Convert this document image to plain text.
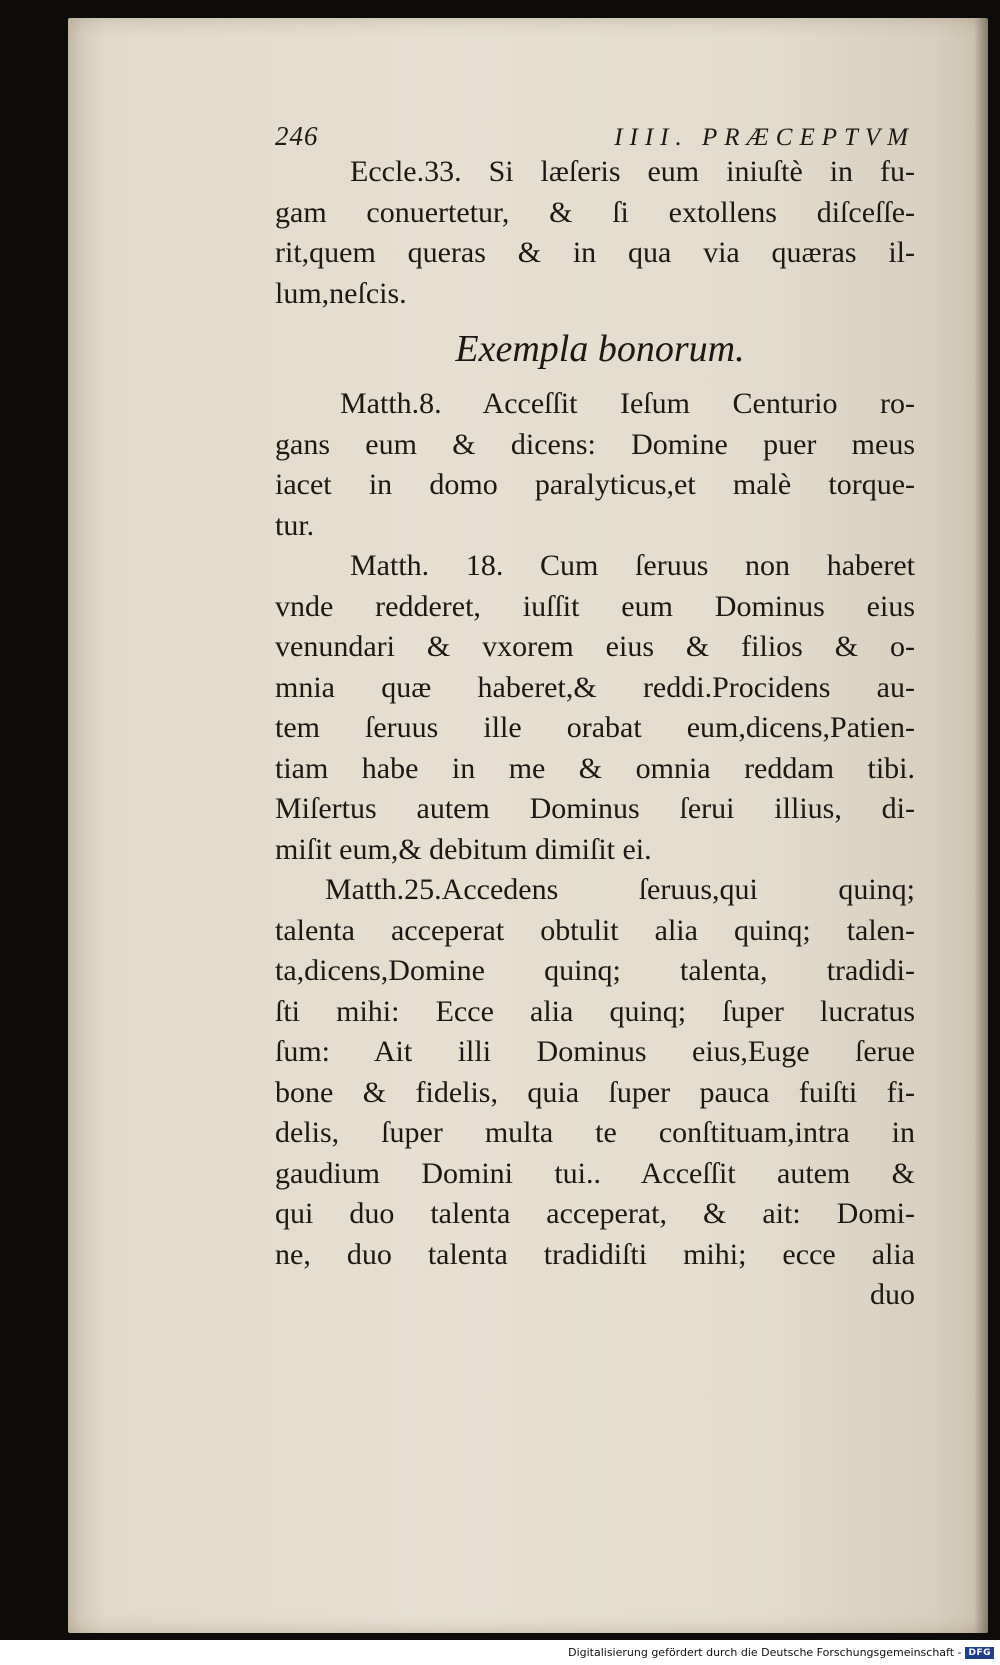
246	IIII. PRÆCEPTVM
Eccle.33. Si læſeris eum iniuſtè in fu-
gam conuertetur, & ſi extollens diſceſſe-
rit,quem queras & in qua via quæras il-
lum,neſcis.
Exempla bonorum.
Matth.8. Acceſſit Ieſum Centurio ro-
gans eum & dicens: Domine puer meus
iacet in domo paralyticus,et malè torque-
tur.
Matth. 18. Cum ſeruus non haberet
vnde redderet, iuſſit eum Dominus eius
venundari & vxorem eius & filios & o-
mnia quæ haberet,& reddi.Procidens au-
tem ſeruus ille orabat eum,dicens,Patien-
tiam habe in me & omnia reddam tibi.
Miſertus autem Dominus ſerui illius, di-
miſit eum,& debitum dimiſit ei.
Matth.25.Accedens ſeruus,qui quinq;
talenta acceperat obtulit alia quinq; talen-
ta,dicens,Domine quinq; talenta, tradidi-
ſti mihi: Ecce alia quinq; ſuper lucratus
ſum: Ait illi Dominus eius,Euge ſerue
bone & fidelis, quia ſuper pauca fuiſti fi-
delis, ſuper multa te conſtituam,intra in
gaudium Domini tui.. Acceſſit autem &
qui duo talenta acceperat, & ait: Domi-
ne, duo talenta tradidiſti mihi; ecce alia
duo
Digitalisierung gefördert durch die Deutsche Forschungsgemeinschaft - DFG
